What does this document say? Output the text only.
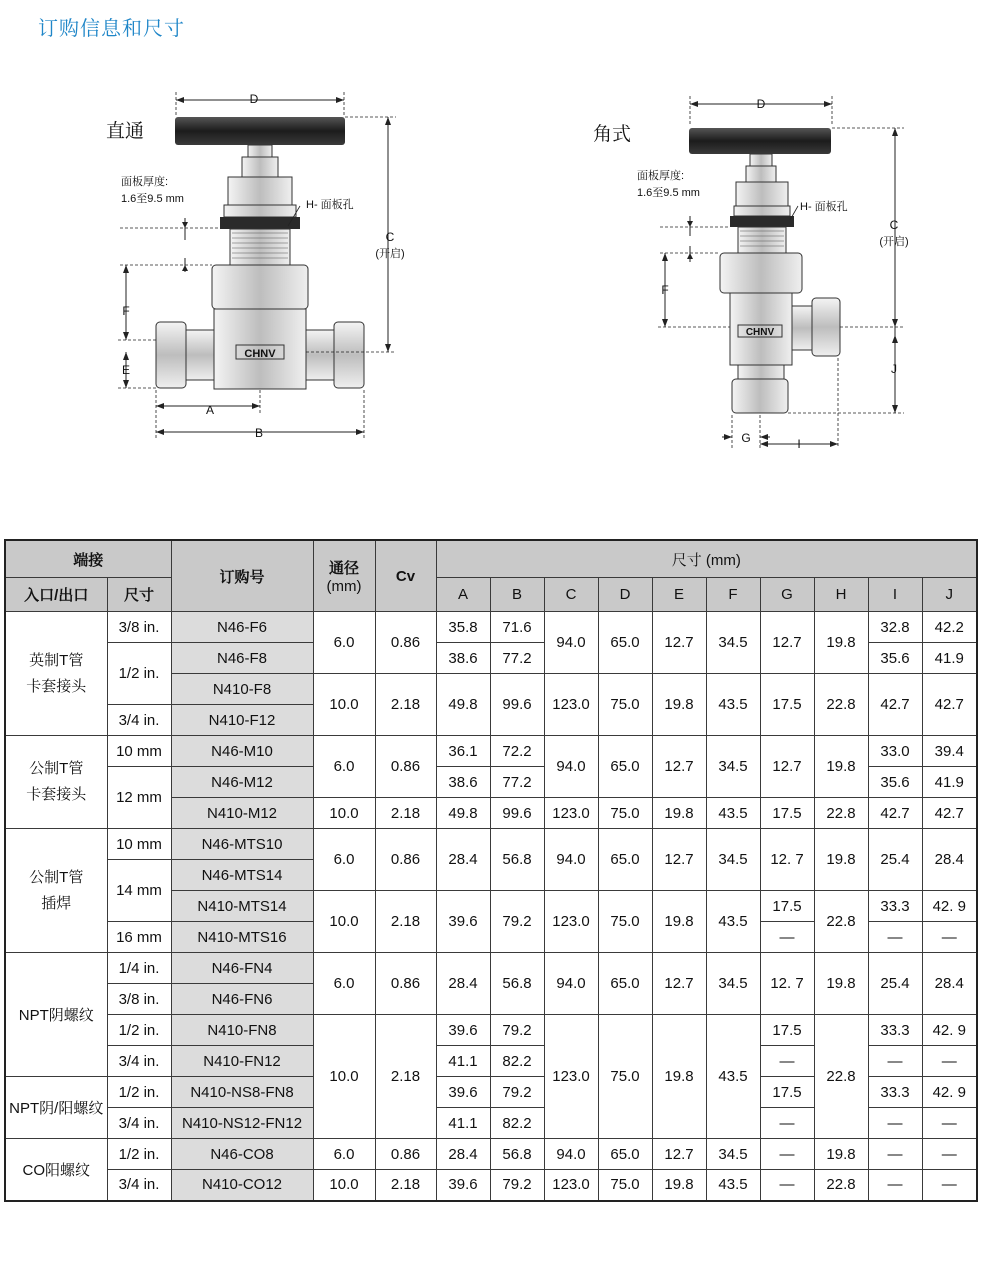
订购信息和尺寸
直通
D
CHNV
面板厚度:
1.6至9.5 mm	H- 面板孔
C
(开启)
F
E
A
B
角式
D
CHNV
面板厚度:
1.6至9.5 mm
H- 面板孔
C
(开启)
J
F
G	I
端接		订购号	通径
(mm)	Cv	尺寸 (mm)									
入口/出口	尺寸				A	B	C	D	E	F	G	H	I	J
英制T管
卡套接头	3/8 in.	N46-F6	6.0	0.86	35.8	71.6	94.0	65.0	12.7	34.5	12.7	19.8	32.8	42.2
	1/2 in.	N46-F8			38.6	77.2							35.6	41.9
		N410-F8	10.0	2.18	49.8	99.6	123.0	75.0	19.8	43.5	17.5	22.8	42.7	42.7
	3/4 in.	N410-F12												
公制T管
卡套接头	10 mm	N46-M10	6.0	0.86	36.1	72.2	94.0	65.0	12.7	34.5	12.7	19.8	33.0	39.4
	12 mm	N46-M12			38.6	77.2							35.6	41.9
		N410-M12	10.0	2.18	49.8	99.6	123.0	75.0	19.8	43.5	17.5	22.8	42.7	42.7
公制T管
插焊	10 mm	N46-MTS10	6.0	0.86	28.4	56.8	94.0	65.0	12.7	34.5	12. 7	19.8	25.4	28.4
	14 mm	N46-MTS14												
		N410-MTS14	10.0	2.18	39.6	79.2	123.0	75.0	19.8	43.5	17.5	22.8	33.3	42. 9
	16 mm	N410-MTS16									—		—	—
NPT阴螺纹	1/4 in.	N46-FN4	6.0	0.86	28.4	56.8	94.0	65.0	12.7	34.5	12. 7	19.8	25.4	28.4
	3/8 in.	N46-FN6												
	1/2 in.	N410-FN8	10.0	2.18	39.6	79.2	123.0	75.0	19.8	43.5	17.5	22.8	33.3	42. 9
	3/4 in.	N410-FN12			41.1	82.2					—		—	—
NPT阴/阳螺纹	1/2 in.	N410-NS8-FN8			39.6	79.2					17.5		33.3	42. 9
	3/4 in.	N410-NS12-FN12			41.1	82.2					—		—	—
CO阳螺纹	1/2 in.	N46-CO8	6.0	0.86	28.4	56.8	94.0	65.0	12.7	34.5	—	19.8	—	—
	3/4 in.	N410-CO12	10.0	2.18	39.6	79.2	123.0	75.0	19.8	43.5	—	22.8	—	—
